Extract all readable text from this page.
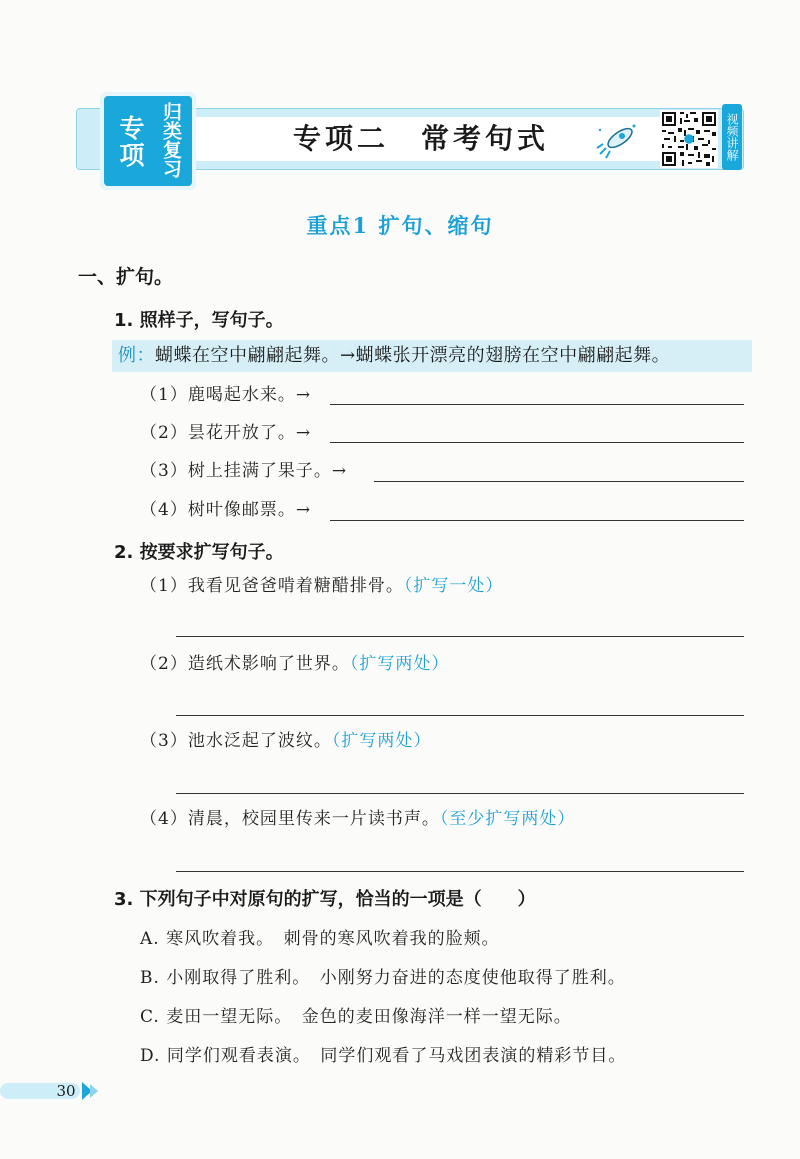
专项 归类复习	专项二　常考句式	视频讲解
重点1 扩句、缩句
一、扩句。
1. 照样子，写句子。
例：蝴蝶在空中翩翩起舞。→蝴蝶张开漂亮的翅膀在空中翩翩起舞。
（1）鹿喝起水来。→
（2）昙花开放了。→
（3）树上挂满了果子。→
（4）树叶像邮票。→
2. 按要求扩写句子。
（1）我看见爸爸啃着糖醋排骨。（扩写一处）
（2）造纸术影响了世界。（扩写两处）
（3）池水泛起了波纹。（扩写两处）
（4）清晨，校园里传来一片读书声。（至少扩写两处）
3. 下列句子中对原句的扩写，恰当的一项是（　　）
A. 寒风吹着我。　刺骨的寒风吹着我的脸颊。
B. 小刚取得了胜利。　小刚努力奋进的态度使他取得了胜利。
C. 麦田一望无际。　金色的麦田像海洋一样一望无际。
D. 同学们观看表演。　同学们观看了马戏团表演的精彩节目。
30
